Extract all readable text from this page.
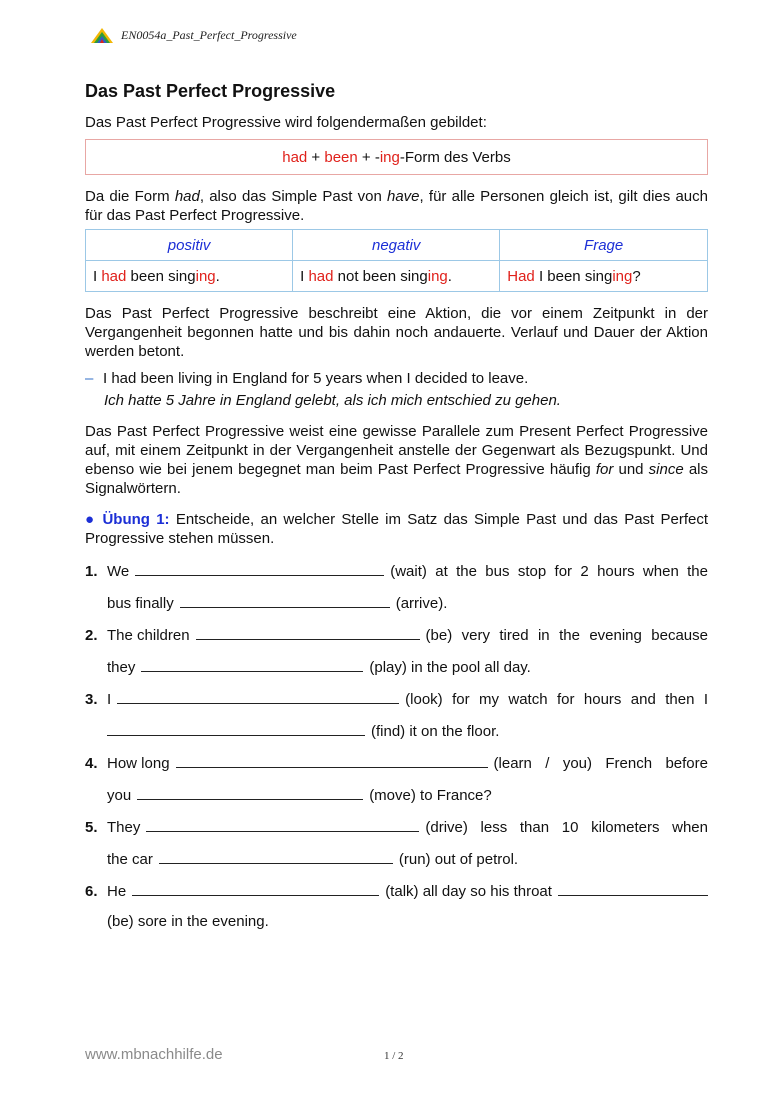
EN0054a_Past_Perfect_Progressive
Das Past Perfect Progressive

Das Past Perfect Progressive wird folgendermaßen gebildet:

had + been + - ing -Form des Verbs

Da die Form had, also das Simple Past von have, für alle Personen gleich ist, gilt dies auch für das Past Perfect Progressive.

positiv	negativ	Frage
I had been singing.	I had not been singing.	Had I been singing?

Das Past Perfect Progressive beschreibt eine Aktion, die vor einem Zeitpunkt in der Vergangenheit begonnen hatte und bis dahin noch andauerte. Verlauf und Dauer der Aktion werden betont.

– I had been living in England for 5 years when I decided to leave.
Ich hatte 5 Jahre in England gelebt, als ich mich entschied zu gehen.

Das Past Perfect Progressive weist eine gewisse Parallele zum Present Perfect Progressive auf, mit einem Zeitpunkt in der Vergangenheit anstelle der Gegenwart als Bezugspunkt. Und ebenso wie bei jenem begegnet man beim Past Perfect Progressive häufig for und since als Signalwörtern.

● Übung 1: Entscheide, an welcher Stelle im Satz das Simple Past und das Past Perfect Progressive stehen müssen.

1. We	(wait) at the bus stop for 2 hours when the
bus finally	(arrive).
2. The children	(be) very tired in the evening because
they	(play) in the pool all day.
3. I	(look) for my watch for hours and then I
(find) it on the floor.
4. How long	(learn / you) French before
you	(move) to France?
5. They	(drive) less than 10 kilometers when
the car	(run) out of petrol.
6. He	(talk) all day so his throat
(be) sore in the evening.
www.mbnachhilfe.de	1 / 2
